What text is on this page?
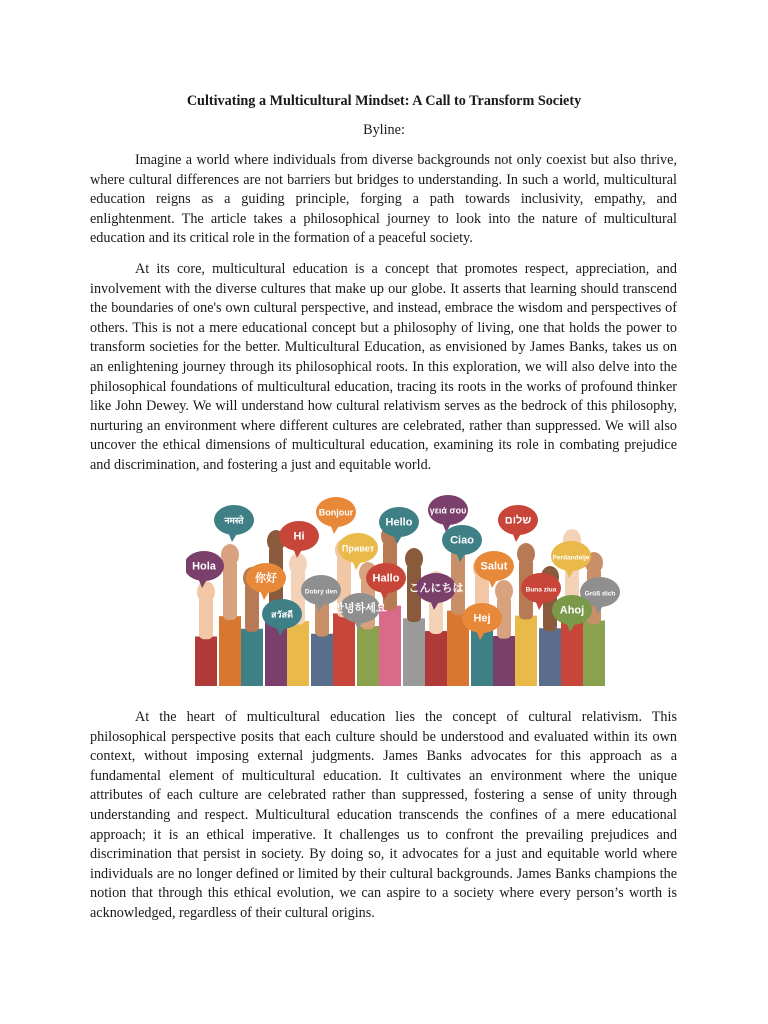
Cultivating a Multicultural Mindset: A Call to Transform Society

Byline:

Imagine a world where individuals from diverse backgrounds not only coexist but also thrive, where cultural differences are not barriers but bridges to understanding. In such a world, multicultural education reigns as a guiding principle, forging a path towards inclusivity, empathy, and enlightenment. The article takes a philosophical journey to look into the nature of multicultural education and its critical role in the formation of a peaceful society.

At its core, multicultural education is a concept that promotes respect, appreciation, and involvement with the diverse cultures that make up our globe. It asserts that learning should transcend the boundaries of one's own cultural perspective, and instead, embrace the wisdom and perspectives of others. This is not a mere educational concept but a philosophy of living, one that holds the power to transform societies for the better. Multicultural Education, as envisioned by James Banks, takes us on an enlightening journey through its philosophical roots. In this exploration, we will also delve into the philosophical foundations of multicultural education, tracing its roots in the works of profound thinker like John Dewey. We will understand how cultural relativism serves as the bedrock of this philosophy, nurturing an environment where different cultures are celebrated, rather than suppressed. We will also uncover the ethical dimensions of multicultural education, examining its role in combating prejudice and discrimination, and fostering a just and equitable world.

नमस्ते
Bonjour
Hello
γειά σου
שלום
Hi
Привет
Ciao
Hola
你好
Salut
Perdandelje
Hallo
こんにちは	Buna ziua
Grüß dich
สวัสดี
Dobrý den
Hej
Ahoj
안녕하세요

At the heart of multicultural education lies the concept of cultural relativism. This philosophical perspective posits that each culture should be understood and evaluated within its own context, without imposing external judgments. James Banks advocates for this approach as a fundamental element of multicultural education. It cultivates an environment where the unique attributes of each culture are celebrated rather than suppressed, fostering a sense of unity through understanding and respect. Multicultural education transcends the confines of a mere educational approach; it is an ethical imperative. It challenges us to confront the prevailing prejudices and discrimination that persist in society. By doing so, it advocates for a just and equitable world where individuals are no longer defined or limited by their cultural backgrounds. James Banks champions the notion that through this ethical evolution, we can aspire to a society where every person’s worth is acknowledged, regardless of their cultural origins.
